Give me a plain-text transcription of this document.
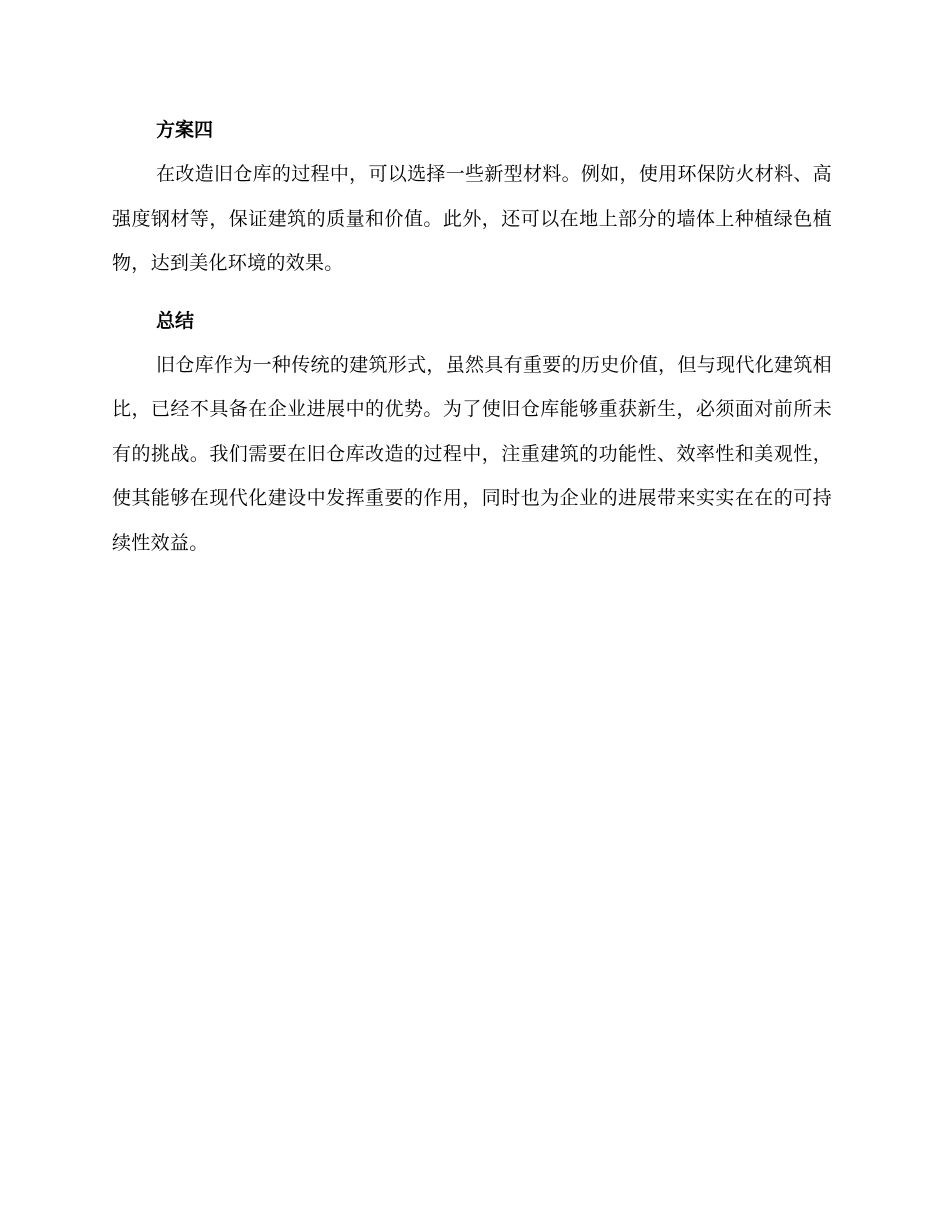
方案四

在改造旧仓库的过程中，可以选择一些新型材料。例如，使用环保防火材料、高强度钢材等，保证建筑的质量和价值。此外，还可以在地上部分的墙体上种植绿色植物，达到美化环境的效果。

总结

旧仓库作为一种传统的建筑形式，虽然具有重要的历史价值，但与现代化建筑相比，已经不具备在企业进展中的优势。为了使旧仓库能够重获新生，必须面对前所未有的挑战。我们需要在旧仓库改造的过程中，注重建筑的功能性、效率性和美观性，使其能够在现代化建设中发挥重要的作用，同时也为企业的进展带来实实在在的可持续性效益。
